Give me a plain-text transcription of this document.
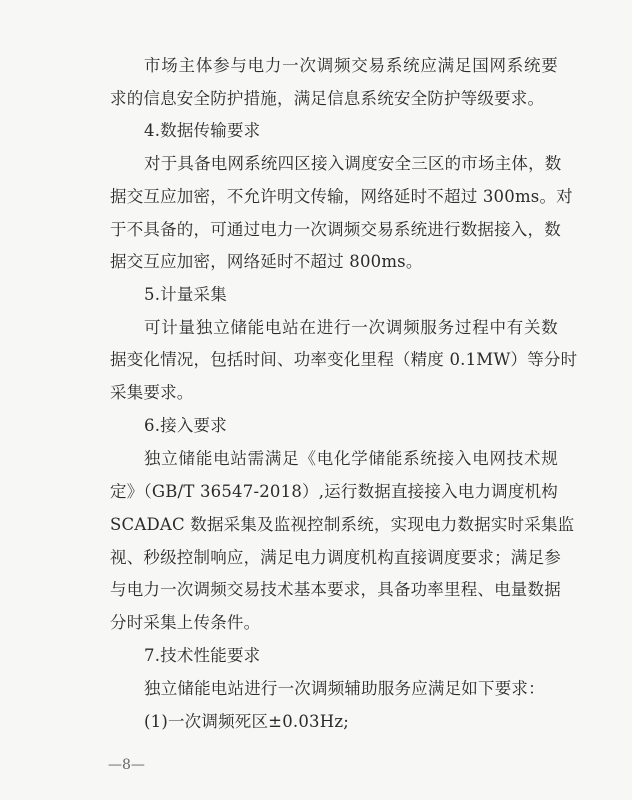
市场主体参与电力一次调频交易系统应满足国网系统要
求的信息安全防护措施，满足信息系统安全防护等级要求。
4.数据传输要求
对于具备电网系统四区接入调度安全三区的市场主体，数
据交互应加密，不允许明文传输，网络延时不超过 300ms。对
于不具备的，可通过电力一次调频交易系统进行数据接入，数
据交互应加密，网络延时不超过 800ms。
5.计量采集
可计量独立储能电站在进行一次调频服务过程中有关数
据变化情况，包括时间、功率变化里程（精度 0.1MW）等分时
采集要求。
6.接入要求
独立储能电站需满足《电化学储能系统接入电网技术规
定》（GB/T 36547-2018）,运行数据直接接入电力调度机构
SCADAC 数据采集及监视控制系统，实现电力数据实时采集监
视、秒级控制响应，满足电力调度机构直接调度要求；满足参
与电力一次调频交易技术基本要求，具备功率里程、电量数据
分时采集上传条件。
7.技术性能要求
独立储能电站进行一次调频辅助服务应满足如下要求：
(1)一次调频死区±0.03Hz;
—8—
